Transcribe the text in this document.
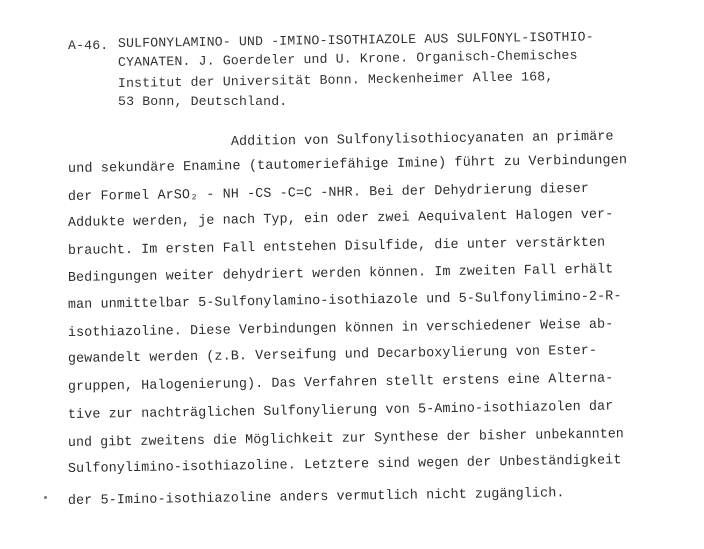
A-46. SULFONYLAMINO- UND -IMINO-ISOTHIAZOLE AUS SULFONYL-ISOTHIO-
CYANATEN. J. Goerdeler und U. Krone. Organisch-Chemisches
Institut der Universität Bonn. Meckenheimer Allee 168,
53 Bonn, Deutschland.
Addition von Sulfonylisothiocyanaten an primäre
und sekundäre Enamine (tautomeriefähige Imine) führt zu Verbindungen
der Formel ArSO₂ - NH -CS -C=C -NHR. Bei der Dehydrierung dieser
Addukte werden, je nach Typ, ein oder zwei Aequivalent Halogen ver-
braucht. Im ersten Fall entstehen Disulfide, die unter verstärkten
Bedingungen weiter dehydriert werden können. Im zweiten Fall erhält
man unmittelbar 5-Sulfonylamino-isothiazole und 5-Sulfonylimino-2-R-
isothiazoline. Diese Verbindungen können in verschiedener Weise ab-
gewandelt werden (z.B. Verseifung und Decarboxylierung von Ester-
gruppen, Halogenierung). Das Verfahren stellt erstens eine Alterna-
tive zur nachträglichen Sulfonylierung von 5-Amino-isothiazolen dar
und gibt zweitens die Möglichkeit zur Synthese der bisher unbekannten
Sulfonylimino-isothiazoline. Letztere sind wegen der Unbeständigkeit
der 5-Imino-isothiazoline anders vermutlich nicht zugänglich.
